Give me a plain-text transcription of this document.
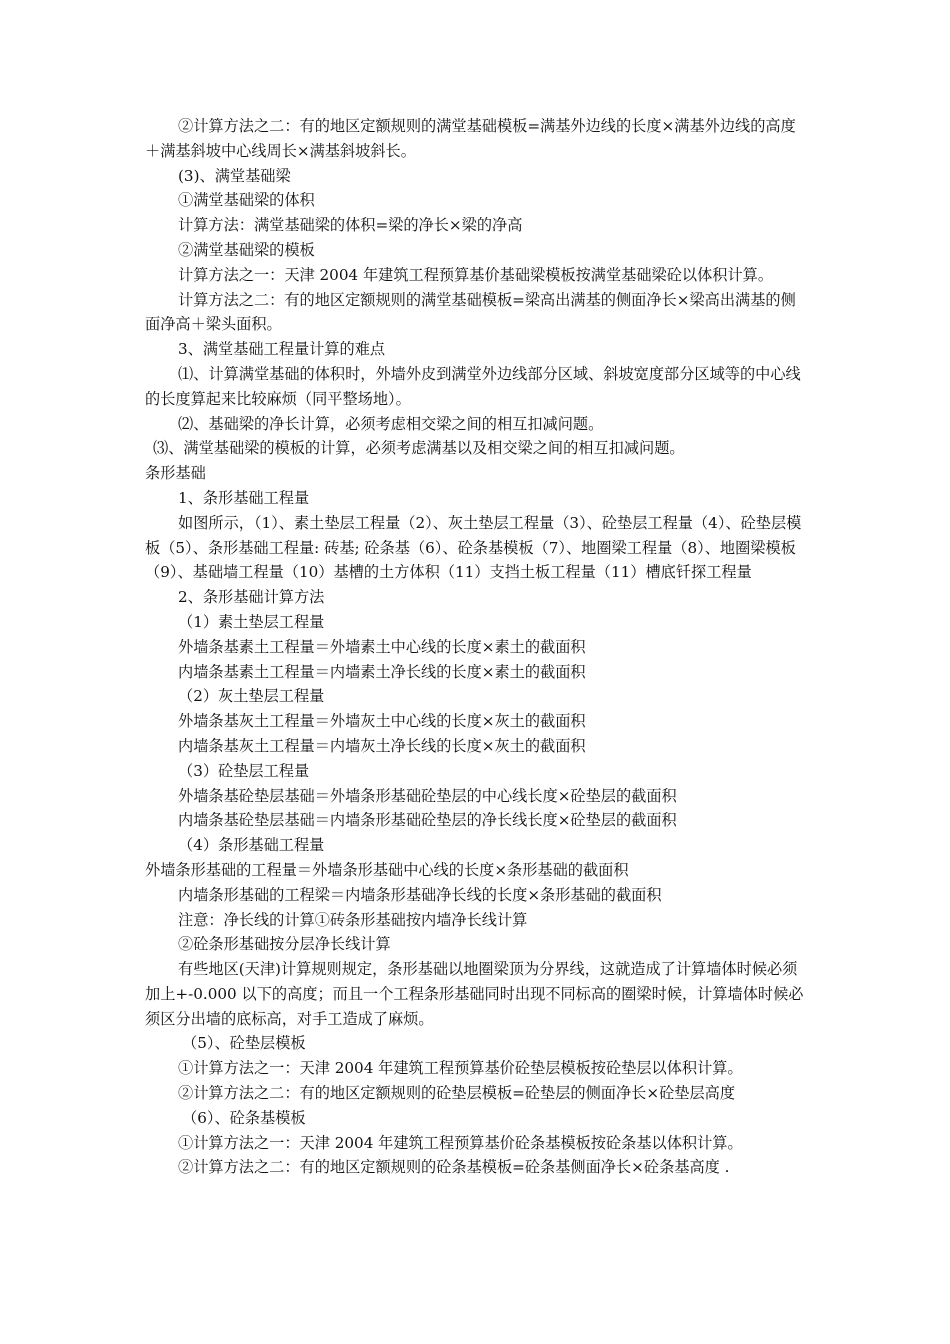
②计算方法之二：有的地区定额规则的满堂基础模板=满基外边线的长度×满基外边线的高度＋满基斜坡中心线周长×满基斜坡斜长。

(3)、满堂基础梁

①满堂基础梁的体积

计算方法：满堂基础梁的体积=梁的净长×梁的净高

②满堂基础梁的模板

计算方法之一：天津 2004 年建筑工程预算基价基础梁模板按满堂基础梁砼以体积计算。

计算方法之二：有的地区定额规则的满堂基础模板=梁高出满基的侧面净长×梁高出满基的侧面净高＋梁头面积。

3、满堂基础工程量计算的难点

⑴、计算满堂基础的体积时，外墙外皮到满堂外边线部分区域、斜坡宽度部分区域等的中心线的长度算起来比较麻烦（同平整场地）。

⑵、基础梁的净长计算，必须考虑相交梁之间的相互扣减问题。

⑶、满堂基础梁的模板的计算，必须考虑满基以及相交梁之间的相互扣减问题。

条形基础

1、条形基础工程量

如图所示，（1）、素土垫层工程量（2）、灰土垫层工程量（3）、砼垫层工程量（4）、砼垫层模板（5）、条形基础工程量: 砖基; 砼条基（6）、砼条基模板（7）、地圈梁工程量（8）、地圈梁模板（9）、基础墙工程量（10）基槽的土方体积（11）支挡土板工程量（11）槽底钎探工程量

2、条形基础计算方法

（1）素土垫层工程量

外墙条基素土工程量＝外墙素土中心线的长度×素土的截面积

内墙条基素土工程量＝内墙素土净长线的长度×素土的截面积

（2）灰土垫层工程量

外墙条基灰土工程量＝外墙灰土中心线的长度×灰土的截面积

内墙条基灰土工程量＝内墙灰土净长线的长度×灰土的截面积

（3）砼垫层工程量

外墙条基砼垫层基础＝外墙条形基础砼垫层的中心线长度×砼垫层的截面积

内墙条基砼垫层基础＝内墙条形基础砼垫层的净长线长度×砼垫层的截面积

（4）条形基础工程量

外墙条形基础的工程量＝外墙条形基础中心线的长度×条形基础的截面积

内墙条形基础的工程梁＝内墙条形基础净长线的长度×条形基础的截面积

注意：净长线的计算①砖条形基础按内墙净长线计算

②砼条形基础按分层净长线计算

有些地区(天津)计算规则规定，条形基础以地圈梁顶为分界线，这就造成了计算墙体时候必须加上+-0.000 以下的高度；而且一个工程条形基础同时出现不同标高的圈梁时候，计算墙体时候必须区分出墙的底标高，对手工造成了麻烦。

（5）、砼垫层模板

①计算方法之一：天津 2004 年建筑工程预算基价砼垫层模板按砼垫层以体积计算。

②计算方法之二：有的地区定额规则的砼垫层模板=砼垫层的侧面净长×砼垫层高度

（6）、砼条基模板

①计算方法之一：天津 2004 年建筑工程预算基价砼条基模板按砼条基以体积计算。

②计算方法之二：有的地区定额规则的砼条基模板=砼条基侧面净长×砼条基高度 .
